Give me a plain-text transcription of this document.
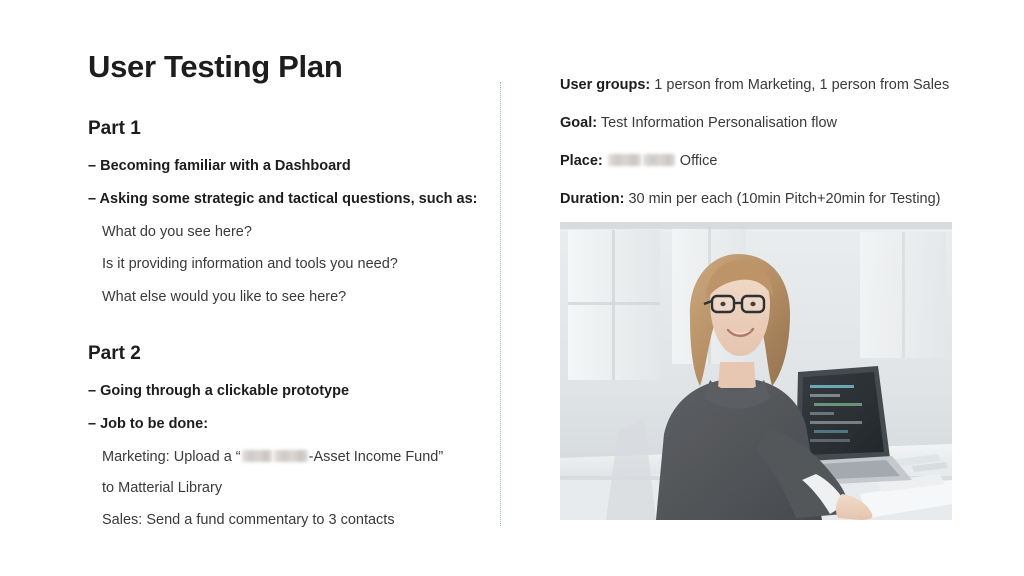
User Testing Plan
Part 1

– Becoming familiar with a Dashboard

– Asking some strategic and tactical questions, such as:

What do you see here?

Is it providing information and tools you need?

What else would you like to see here?

Part 2

– Going through a clickable prototype

– Job to be done:

Marketing: Upload a “	-Asset Income Fund”

to Matterial Library

Sales: Send a fund commentary to 3 contacts

User groups: 1 person from Marketing, 1 person from Sales

Goal: Test Information Personalisation flow

Place:	Office

Duration: 30 min per each (10min Pitch+20min for Testing)
